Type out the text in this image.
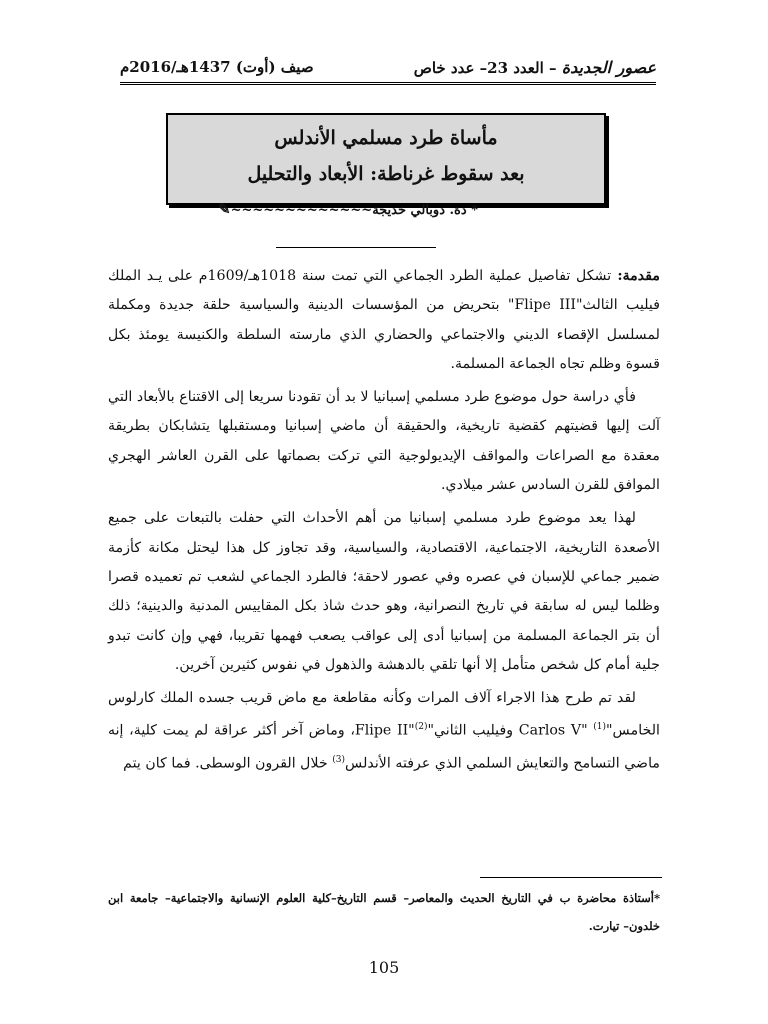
عصور الجديدة – العدد 23– عدد خاص
صيف (أوت) 1437هـ/2016م
مأساة طرد مسلمي الأندلس
بعد سقوط غرناطة: الأبعاد والتحليل
* دة. دوبالي خديجة~~~~~~~~~~~~~✎

مقدمة: تشكل تفاصيل عملية الطرد الجماعي التي تمت سنة 1018هـ/1609م على يـد الملك فيليب الثالث"Flipe III" بتحريض من المؤسسات الدينية والسياسية حلقة جديدة ومكملة لمسلسل الإقصاء الديني والاجتماعي والحضاري الذي مارسته السلطة والكنيسة يومئذ بكل قسوة وظلم تجاه الجماعة المسلمة.

فأي دراسة حول موضوع طرد مسلمي إسبانيا لا بد أن تقودنا سريعا إلى الاقتناع بالأبعاد التي آلت إليها قضيتهم كقضية تاريخية، والحقيقة أن ماضي إسبانيا ومستقبلها يتشابكان بطريقة معقدة مع الصراعات والمواقف الإيديولوجية التي تركت بصماتها على القرن العاشر الهجري الموافق للقرن السادس عشر ميلادي.

لهذا يعد موضوع طرد مسلمي إسبانيا من أهم الأحداث التي حفلت بالتبعات على جميع الأصعدة التاريخية، الاجتماعية، الاقتصادية، والسياسية، وقد تجاوز كل هذا ليحتل مكانة كأزمة ضمير جماعي للإسبان في عصره وفي عصور لاحقة؛ فالطرد الجماعي لشعب تم تعميده قصرا وظلما ليس له سابقة في تاريخ النصرانية، وهو حدث شاذ بكل المقاييس المدنية والدينية؛ ذلك أن بتر الجماعة المسلمة من إسبانيا أدى إلى عواقب يصعب فهمها تقريبا، فهي وإن كانت تبدو جلية أمام كل شخص متأمل إلا أنها تلقي بالدهشة والذهول في نفوس كثيرين آخرين.

لقد تم طرح هذا الاجراء آلاف المرات وكأنه مقاطعة مع ماض قريب جسده الملك كارلوس الخامس"Carlos V" $^{(1)}$ وفيليب الثاني"Flipe II"$^{(2)}$، وماض آخر أكثر عراقة لم يمت كلية، إنه ماضي التسامح والتعايش السلمي الذي عرفته الأندلس$^{(3)}$ خلال القرون الوسطى. فما كان يتم

*أستاذة محاضرة ب في التاريخ الحديث والمعاصر– قسم التاريخ–كلية العلوم الإنسانية والاجتماعية– جامعة ابن خلدون– تيارت.
105
